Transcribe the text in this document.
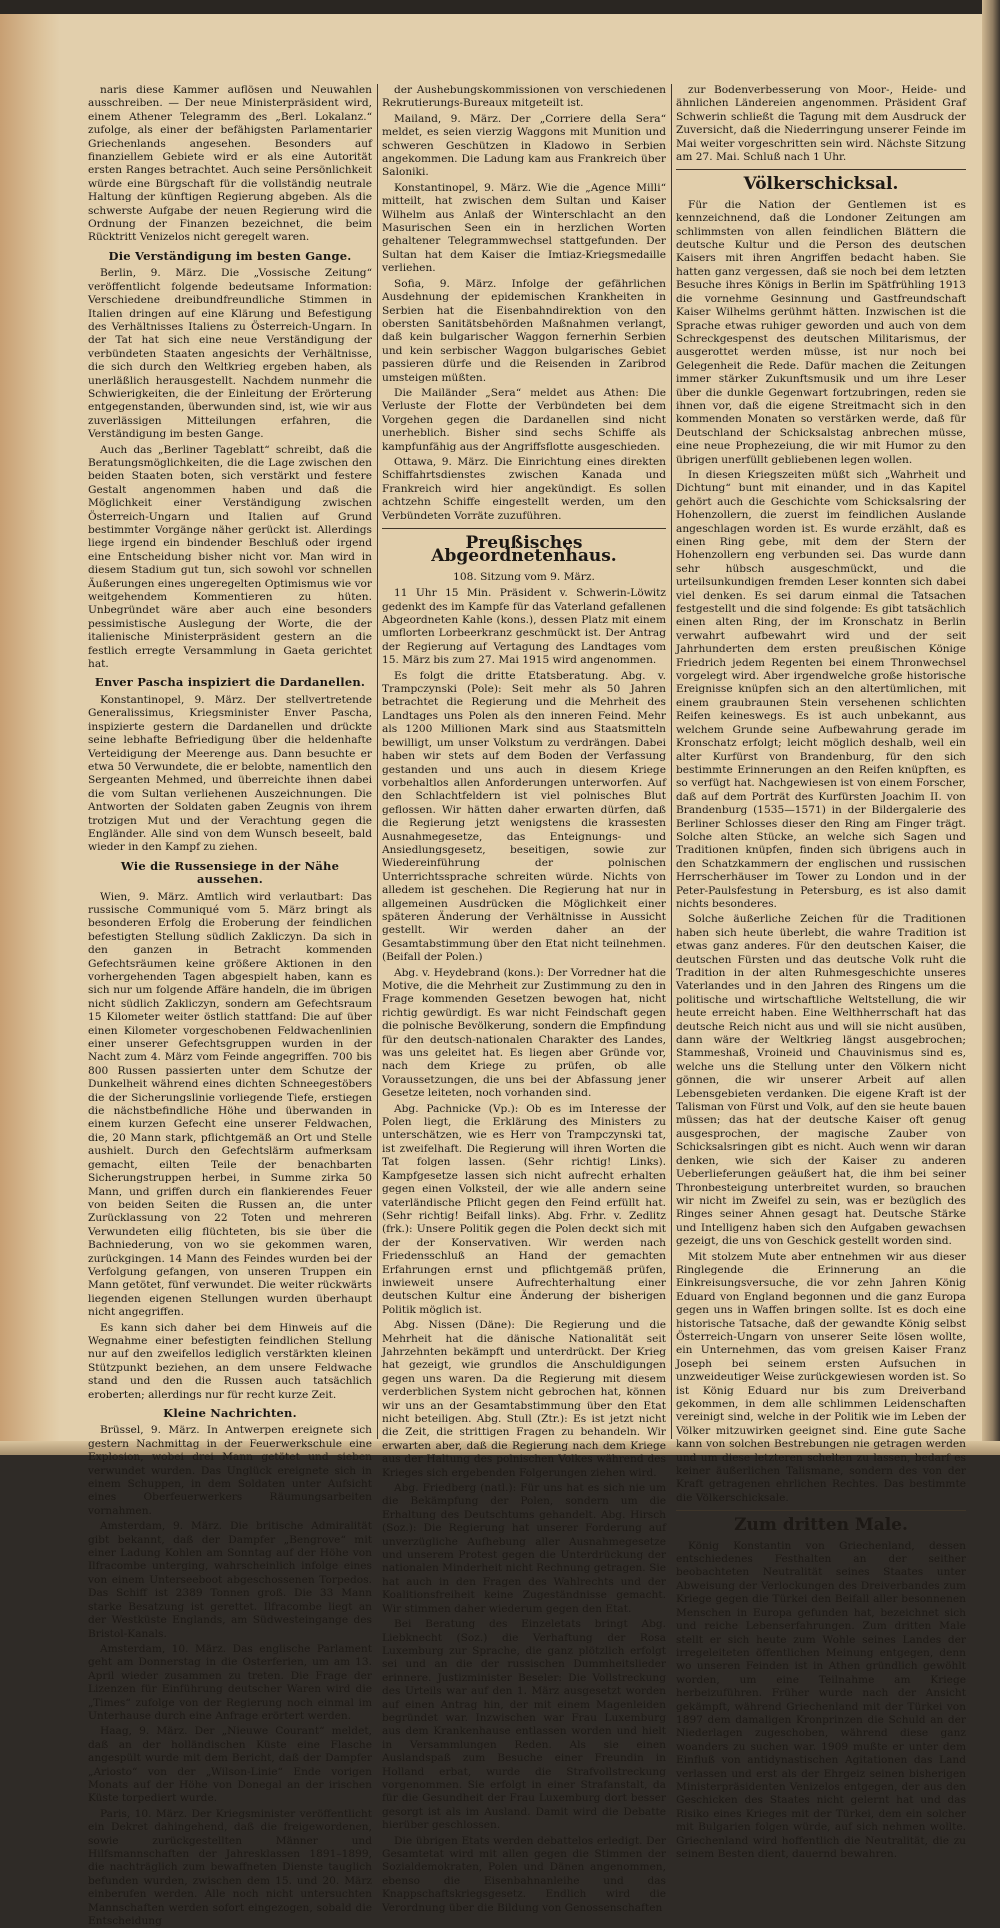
naris diese Kammer auflösen und Neuwahlen ausschreiben. — Der neue Ministerpräsident wird, einem Athener Telegramm des „Berl. Lokalanz.“ zufolge, als einer der befähigsten Parlamentarier Griechenlands angesehen. Besonders auf finanziellem Gebiete wird er als eine Autorität ersten Ranges betrachtet. Auch seine Persönlichkeit würde eine Bürgschaft für die vollständig neutrale Haltung der künftigen Regierung abgeben. Als die schwerste Aufgabe der neuen Regierung wird die Ordnung der Finanzen bezeichnet, die beim Rücktritt Venizelos nicht geregelt waren.

Die Verständigung im besten Gange.

Berlin, 9. März. Die „Vossische Zeitung“ veröffentlicht folgende bedeutsame Information: Verschiedene dreibundfreundliche Stimmen in Italien dringen auf eine Klärung und Befestigung des Verhältnisses Italiens zu Österreich-Ungarn. In der Tat hat sich eine neue Verständigung der verbündeten Staaten angesichts der Verhältnisse, die sich durch den Weltkrieg ergeben haben, als unerläßlich herausgestellt. Nachdem nunmehr die Schwierigkeiten, die der Einleitung der Erörterung entgegenstanden, überwunden sind, ist, wie wir aus zuverlässigen Mitteilungen erfahren, die Verständigung im besten Gange.

Auch das „Berliner Tageblatt“ schreibt, daß die Beratungsmöglichkeiten, die die Lage zwischen den beiden Staaten boten, sich verstärkt und festere Gestalt angenommen haben und daß die Möglichkeit einer Verständigung zwischen Österreich-Ungarn und Italien auf Grund bestimmter Vorgänge näher gerückt ist. Allerdings liege irgend ein bindender Beschluß oder irgend eine Entscheidung bisher nicht vor. Man wird in diesem Stadium gut tun, sich sowohl vor schnellen Äußerungen eines ungeregelten Optimismus wie vor weitgehendem Kommentieren zu hüten. Unbegründet wäre aber auch eine besonders pessimistische Auslegung der Worte, die der italienische Ministerpräsident gestern an die festlich erregte Versammlung in Gaeta gerichtet hat.

Enver Pascha inspiziert die Dardanellen.

Konstantinopel, 9. März. Der stellvertretende Generalissimus, Kriegsminister Enver Pascha, inspizierte gestern die Dardanellen und drückte seine lebhafte Befriedigung über die heldenhafte Verteidigung der Meerenge aus. Dann besuchte er etwa 50 Verwundete, die er belobte, namentlich den Sergeanten Mehmed, und überreichte ihnen dabei die vom Sultan verliehenen Auszeichnungen. Die Antworten der Soldaten gaben Zeugnis von ihrem trotzigen Mut und der Verachtung gegen die Engländer. Alle sind von dem Wunsch beseelt, bald wieder in den Kampf zu ziehen.

Wie die Russensiege in der Nähe aussehen.

Wien, 9. März. Amtlich wird verlautbart: Das russische Communiqué vom 5. März bringt als besonderen Erfolg die Eroberung der feindlichen befestigten Stellung südlich Zakliczyn. Da sich in den ganzen in Betracht kommenden Gefechtsräumen keine größere Aktionen in den vorhergehenden Tagen abgespielt haben, kann es sich nur um folgende Affäre handeln, die im übrigen nicht südlich Zakliczyn, sondern am Gefechtsraum 15 Kilometer weiter östlich stattfand: Die auf über einen Kilometer vorgeschobenen Feldwachenlinien einer unserer Gefechtsgruppen wurden in der Nacht zum 4. März vom Feinde angegriffen. 700 bis 800 Russen passierten unter dem Schutze der Dunkelheit während eines dichten Schneegestöbers die der Sicherungslinie vorliegende Tiefe, erstiegen die nächstbefindliche Höhe und überwanden in einem kurzen Gefecht eine unserer Feldwachen, die, 20 Mann stark, pflichtgemäß an Ort und Stelle aushielt. Durch den Gefechtslärm aufmerksam gemacht, eilten Teile der benachbarten Sicherungstruppen herbei, in Summe zirka 50 Mann, und griffen durch ein flankierendes Feuer von beiden Seiten die Russen an, die unter Zurücklassung von 22 Toten und mehreren Verwundeten eilig flüchteten, bis sie über die Bachniederung, von wo sie gekommen waren, zurückgingen. 14 Mann des Feindes wurden bei der Verfolgung gefangen, von unseren Truppen ein Mann getötet, fünf verwundet. Die weiter rückwärts liegenden eigenen Stellungen wurden überhaupt nicht angegriffen.

Es kann sich daher bei dem Hinweis auf die Wegnahme einer befestigten feindlichen Stellung nur auf den zweifellos lediglich verstärkten kleinen Stützpunkt beziehen, an dem unsere Feldwache stand und den die Russen auch tatsächlich eroberten; allerdings nur für recht kurze Zeit.

Kleine Nachrichten.

Brüssel, 9. März. In Antwerpen ereignete sich gestern Nachmittag in der Feuerwerkschule eine Explosion, wobei drei Mann getötet und sieben verwundet wurden. Das Unglück ereignete sich in einem Schuppen, in dem Soldaten unter Aufsicht eines Oberfeuerwerkers Räumungsarbeiten vornahmen.

Amsterdam, 9. März. Die britische Admiralität gibt bekannt, daß der Dampfer „Bengrove“ mit einer Ladung Kohlen am Sonntag auf der Höhe von Ilfracombe unterging, wahrscheinlich infolge eines von einem Unterseeboot abgeschossenen Torpedos. Das Schiff ist 2389 Tonnen groß. Die 33 Mann starke Besatzung ist gerettet. Ilfracombe liegt an der Westküste Englands, am Südwesteingange des Bristol-Kanals.

Amsterdam, 10. März. Das englische Parlament geht am Donnerstag in die Osterferien, um am 13. April wieder zusammen zu treten. Die Frage der Lizenzen für Einführung deutscher Waren wird die „Times“ zufolge von der Regierung noch einmal im Unterhause durch eine Anfrage erörtert werden.

Haag, 9. März. Der „Nieuwe Courant“ meldet, daß an der holländischen Küste eine Flasche angespült wurde mit dem Bericht, daß der Dampfer „Ariosto“ von der „Wilson-Linie“ Ende vorigen Monats auf der Höhe von Donegal an der irischen Küste torpediert wurde.

Paris, 10. März. Der Kriegsminister veröffentlicht ein Dekret dahingehend, daß die freigewordenen, sowie zurückgestellten Männer und Hilfsmannschaften der Jahresklassen 1891–1899, die nachträglich zum bewaffneten Dienste tauglich befunden wurden, zwischen dem 15. und 20. März einberufen werden. Alle noch nicht untersuchten Mannschaften werden sofort eingezogen, sobald die Entscheidung

der Aushebungskommissionen von verschiedenen Rekrutierungs-Bureaux mitgeteilt ist.

Mailand, 9. März. Der „Corriere della Sera“ meldet, es seien vierzig Waggons mit Munition und schweren Geschützen in Kladowo in Serbien angekommen. Die Ladung kam aus Frankreich über Saloniki.

Konstantinopel, 9. März. Wie die „Agence Milli“ mitteilt, hat zwischen dem Sultan und Kaiser Wilhelm aus Anlaß der Winterschlacht an den Masurischen Seen ein in herzlichen Worten gehaltener Telegrammwechsel stattgefunden. Der Sultan hat dem Kaiser die Imtiaz-Kriegsmedaille verliehen.

Sofia, 9. März. Infolge der gefährlichen Ausdehnung der epidemischen Krankheiten in Serbien hat die Eisenbahndirektion von den obersten Sanitätsbehörden Maßnahmen verlangt, daß kein bulgarischer Waggon fernerhin Serbien und kein serbischer Waggon bulgarisches Gebiet passieren dürfe und die Reisenden in Zaribrod umsteigen müßten.

Die Mailänder „Sera“ meldet aus Athen: Die Verluste der Flotte der Verbündeten bei dem Vorgehen gegen die Dardanellen sind nicht unerheblich. Bisher sind sechs Schiffe als kampfunfähig aus der Angriffsflotte ausgeschieden.

Ottawa, 9. März. Die Einrichtung eines direkten Schiffahrtsdienstes zwischen Kanada und Frankreich wird hier angekündigt. Es sollen achtzehn Schiffe eingestellt werden, um den Verbündeten Vorräte zuzuführen.

Preußisches Abgeordnetenhaus.

108. Sitzung vom 9. März.

11 Uhr 15 Min. Präsident v. Schwerin-Löwitz gedenkt des im Kampfe für das Vaterland gefallenen Abgeordneten Kahle (kons.), dessen Platz mit einem umflorten Lorbeerkranz geschmückt ist. Der Antrag der Regierung auf Vertagung des Landtages vom 15. März bis zum 27. Mai 1915 wird angenommen.

Es folgt die dritte Etatsberatung. Abg. v. Trampczynski (Pole): Seit mehr als 50 Jahren betrachtet die Regierung und die Mehrheit des Landtages uns Polen als den inneren Feind. Mehr als 1200 Millionen Mark sind aus Staatsmitteln bewilligt, um unser Volkstum zu verdrängen. Dabei haben wir stets auf dem Boden der Verfassung gestanden und uns auch in diesem Kriege vorbehaltlos allen Anforderungen unterworfen. Auf den Schlachtfeldern ist viel polnisches Blut geflossen. Wir hätten daher erwarten dürfen, daß die Regierung jetzt wenigstens die krassesten Ausnahmegesetze, das Enteignungs- und Ansiedlungsgesetz, beseitigen, sowie zur Wiedereinführung der polnischen Unterrichtssprache schreiten würde. Nichts von alledem ist geschehen. Die Regierung hat nur in allgemeinen Ausdrücken die Möglichkeit einer späteren Änderung der Verhältnisse in Aussicht gestellt. Wir werden daher an der Gesamtabstimmung über den Etat nicht teilnehmen. (Beifall der Polen.)

Abg. v. Heydebrand (kons.): Der Vorredner hat die Motive, die die Mehrheit zur Zustimmung zu den in Frage kommenden Gesetzen bewogen hat, nicht richtig gewürdigt. Es war nicht Feindschaft gegen die polnische Bevölkerung, sondern die Empfindung für den deutsch-nationalen Charakter des Landes, was uns geleitet hat. Es liegen aber Gründe vor, nach dem Kriege zu prüfen, ob alle Voraussetzungen, die uns bei der Abfassung jener Gesetze leiteten, noch vorhanden sind.

Abg. Pachnicke (Vp.): Ob es im Interesse der Polen liegt, die Erklärung des Ministers zu unterschätzen, wie es Herr von Trampczynski tat, ist zweifelhaft. Die Regierung will ihren Worten die Tat folgen lassen. (Sehr richtig! Links). Kampfgesetze lassen sich nicht aufrecht erhalten gegen einen Volksteil, der wie alle andern seine vaterländische Pflicht gegen den Feind erfüllt hat. (Sehr richtig! Beifall links). Abg. Frhr. v. Zedlitz (frk.): Unsere Politik gegen die Polen deckt sich mit der der Konservativen. Wir werden nach Friedensschluß an Hand der gemachten Erfahrungen ernst und pflichtgemäß prüfen, inwieweit unsere Aufrechterhaltung einer deutschen Kultur eine Änderung der bisherigen Politik möglich ist.

Abg. Nissen (Däne): Die Regierung und die Mehrheit hat die dänische Nationalität seit Jahrzehnten bekämpft und unterdrückt. Der Krieg hat gezeigt, wie grundlos die Anschuldigungen gegen uns waren. Da die Regierung mit diesem verderblichen System nicht gebrochen hat, können wir uns an der Gesamtabstimmung über den Etat nicht beteiligen. Abg. Stull (Ztr.): Es ist jetzt nicht die Zeit, die strittigen Fragen zu behandeln. Wir erwarten aber, daß die Regierung nach dem Kriege aus der Haltung des polnischen Volkes während des Krieges sich ergebenden Folgerungen ziehen wird.

Abg. Friedberg (natl.): Für uns hat es sich nie um die Bekämpfung der Polen, sondern um die Erhaltung des Deutschtums gehandelt. Abg. Hirsch (Soz.): Die Regierung hat unserer Forderung auf unverzügliche Aufhebung aller Ausnahmegesetze und unserem Protest gegen die Unterdrückung der nationalen Minderheit nicht Rechnung getragen. Sie hat auch in den Fragen des Wahlrechts und der Koalitionsfreiheit keine Zugeständnisse gemacht. Wir stimmen daher wiederum gegen den Etat.

Bei Beratung des Einzeletats bringt Abg. Liebknecht (Soz.) die Verhaftung der Rosa Luxemburg zur Sprache, die ganz plötzlich erfolgt sei und an die der russischen Dummheitslieder erinnere. Justizminister Beseler: Die Vollstreckung des Urteils war auf den 1. März ausgesetzt worden auf einen Antrag hin, der mit einem Magenleiden begründet war. Inzwischen war Frau Luxemburg aus dem Krankenhause entlassen worden und hielt in Versammlungen Reden. Als sie einen Auslandspaß zum Besuche einer Freundin in Holland erbat, wurde die Strafvollstreckung vorgenommen. Sie erfolgt in einer Strafanstalt, da für die Gesundheit der Frau Luxemburg dort besser gesorgt ist als im Ausland. Damit wird die Debatte hierüber geschlossen.

Die übrigen Etats werden debattelos erledigt. Der Gesamtetat wird mit allen gegen die Stimmen der Sozialdemokraten, Polen und Dänen angenommen, ebenso die Eisenbahnanleihe und das Knappschaftskriegsgesetz. Endlich wird die Verordnung über die Bildung von Genossenschaften

zur Bodenverbesserung von Moor-, Heide- und ähnlichen Ländereien angenommen. Präsident Graf Schwerin schließt die Tagung mit dem Ausdruck der Zuversicht, daß die Niederringung unserer Feinde im Mai weiter vorgeschritten sein wird. Nächste Sitzung am 27. Mai. Schluß nach 1 Uhr.

Völkerschicksal.

Für die Nation der Gentlemen ist es kennzeichnend, daß die Londoner Zeitungen am schlimmsten von allen feindlichen Blättern die deutsche Kultur und die Person des deutschen Kaisers mit ihren Angriffen bedacht haben. Sie hatten ganz vergessen, daß sie noch bei dem letzten Besuche ihres Königs in Berlin im Spätfrühling 1913 die vornehme Gesinnung und Gastfreundschaft Kaiser Wilhelms gerühmt hätten. Inzwischen ist die Sprache etwas ruhiger geworden und auch von dem Schreckgespenst des deutschen Militarismus, der ausgerottet werden müsse, ist nur noch bei Gelegenheit die Rede. Dafür machen die Zeitungen immer stärker Zukunftsmusik und um ihre Leser über die dunkle Gegenwart fortzubringen, reden sie ihnen vor, daß die eigene Streitmacht sich in den kommenden Monaten so verstärken werde, daß für Deutschland der Schicksalstag anbrechen müsse, eine neue Prophezeiung, die wir mit Humor zu den übrigen unerfüllt gebliebenen legen wollen.

In diesen Kriegszeiten müßt sich „Wahrheit und Dichtung“ bunt mit einander, und in das Kapitel gehört auch die Geschichte vom Schicksalsring der Hohenzollern, die zuerst im feindlichen Auslande angeschlagen worden ist. Es wurde erzählt, daß es einen Ring gebe, mit dem der Stern der Hohenzollern eng verbunden sei. Das wurde dann sehr hübsch ausgeschmückt, und die urteilsunkundigen fremden Leser konnten sich dabei viel denken. Es sei darum einmal die Tatsachen festgestellt und die sind folgende: Es gibt tatsächlich einen alten Ring, der im Kronschatz in Berlin verwahrt aufbewahrt wird und der seit Jahrhunderten dem ersten preußischen Könige Friedrich jedem Regenten bei einem Thronwechsel vorgelegt wird. Aber irgendwelche große historische Ereignisse knüpfen sich an den altertümlichen, mit einem graubraunen Stein versehenen schlichten Reifen keineswegs. Es ist auch unbekannt, aus welchem Grunde seine Aufbewahrung gerade im Kronschatz erfolgt; leicht möglich deshalb, weil ein alter Kurfürst von Brandenburg, für den sich bestimmte Erinnerungen an den Reifen knüpften, es so verfügt hat. Nachgewiesen ist von einem Forscher, daß auf dem Porträt des Kurfürsten Joachim II. von Brandenburg (1535—1571) in der Bildergalerie des Berliner Schlosses dieser den Ring am Finger trägt. Solche alten Stücke, an welche sich Sagen und Traditionen knüpfen, finden sich übrigens auch in den Schatzkammern der englischen und russischen Herrscherhäuser im Tower zu London und in der Peter-Paulsfestung in Petersburg, es ist also damit nichts besonderes.

Solche äußerliche Zeichen für die Traditionen haben sich heute überlebt, die wahre Tradition ist etwas ganz anderes. Für den deutschen Kaiser, die deutschen Fürsten und das deutsche Volk ruht die Tradition in der alten Ruhmesgeschichte unseres Vaterlandes und in den Jahren des Ringens um die politische und wirtschaftliche Weltstellung, die wir heute erreicht haben. Eine Welthherrschaft hat das deutsche Reich nicht aus und will sie nicht ausüben, dann wäre der Weltkrieg längst ausgebrochen; Stammeshaß, Vroineid und Chauvinismus sind es, welche uns die Stellung unter den Völkern nicht gönnen, die wir unserer Arbeit auf allen Lebensgebieten verdanken. Die eigene Kraft ist der Talisman von Fürst und Volk, auf den sie heute bauen müssen; das hat der deutsche Kaiser oft genug ausgesprochen, der magische Zauber von Schicksalsringen gibt es nicht. Auch wenn wir daran denken, wie sich der Kaiser zu anderen Ueberlieferungen geäußert hat, die ihm bei seiner Thronbesteigung unterbreitet wurden, so brauchen wir nicht im Zweifel zu sein, was er bezüglich des Ringes seiner Ahnen gesagt hat. Deutsche Stärke und Intelligenz haben sich den Aufgaben gewachsen gezeigt, die uns von Geschick gestellt worden sind.

Mit stolzem Mute aber entnehmen wir aus dieser Ringlegende die Erinnerung an die Einkreisungsversuche, die vor zehn Jahren König Eduard von England begonnen und die ganz Europa gegen uns in Waffen bringen sollte. Ist es doch eine historische Tatsache, daß der gewandte König selbst Österreich-Ungarn von unserer Seite lösen wollte, ein Unternehmen, das vom greisen Kaiser Franz Joseph bei seinem ersten Aufsuchen in unzweideutiger Weise zurückgewiesen worden ist. So ist König Eduard nur bis zum Dreiverband gekommen, in dem alle schlimmen Leidenschaften vereinigt sind, welche in der Politik wie im Leben der Völker mitzuwirken geeignet sind. Eine gute Sache kann von solchen Bestrebungen nie getragen werden und um diese letzteren schelten zu lassen, bedarf es keiner äußerlichen Talismane, sondern des von der Kraft getragenen ehrlichen Rechtes. Das bestimmte die Völkerschicksale.

Zum dritten Male.

König Konstantin von Griechenland, dessen entschiedenes Festhalten an der seither beobachteten Neutralität seines Staates unter Abweisung der Verlockungen des Dreiverbandes zum Kriege gegen die Türkei den Beifall aller besonnenen Menschen in Europa gefunden hat, bezeichnet sich und reiche Lebenserfahrungen. Zum dritten Male stellt er sich heute zum Wohle seines Landes der irregeleiteten öffentlichen Meinung entgegen, denn wo unseren Feinden ist in Athen gründlich gewöhlt worden, um eine Teilnahme am Kriege herbeizuführen. Früher wurde nach der Ansicht gekämpft, während Griechenland mit der Türkei von 1897 dem damaligen Kronprinzen die Schuld an der Niederlagen zugeschoben, während diese ganz woanders zu suchen war. 1909 mußte er unter dem Einfluß von antidynastischen Agitationen das Land verlassen und erst als der Ehrgeiz seinen bisherigen Ministerpräsidenten Venizelos entgegen, der aus den Geschicken des Staates nicht gelernt hat und das Risiko eines Krieges mit der Türkei, dem ein solcher mit Bulgarien folgen würde, auf sich nehmen wollte. Griechenland wird hoffentlich die Neutralität, die zu seinem Besten dient, dauernd bewahren.
